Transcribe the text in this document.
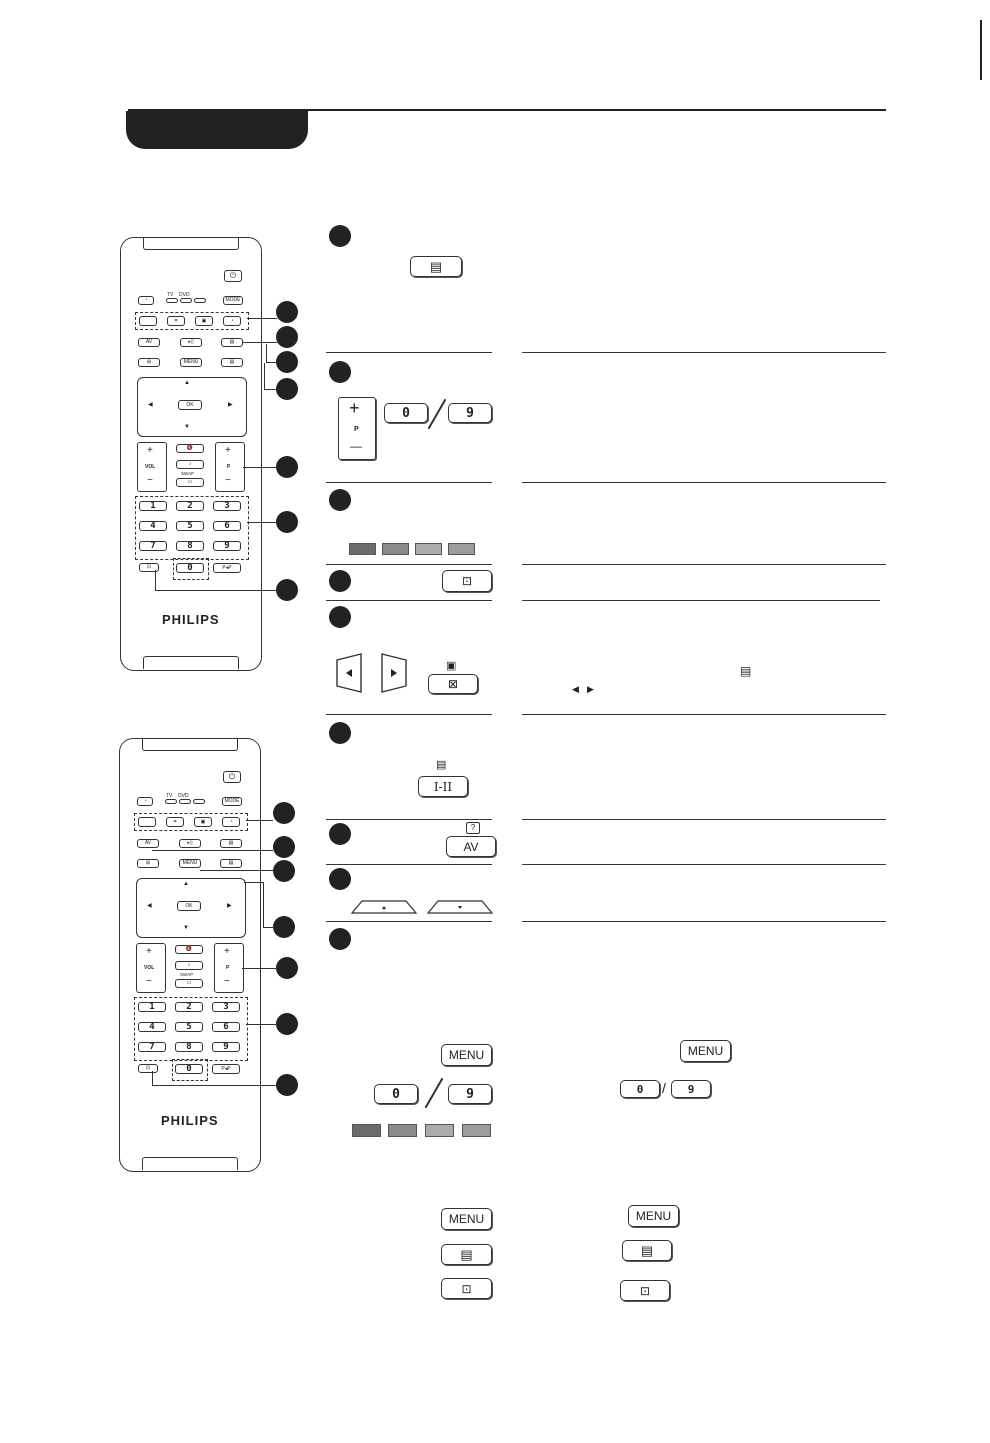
⏻
TV DVD
◔	MODE
⌗	▣	◔
AV	▸▯	▤
⊞	MENU	▤
▲
▼
◀	▶
OK
🔇
+
VOL
−
♪
SWAP
▭
+
P
−
1	2	3
4	5	6
7	8	9
⊡	0	P◂P
PHILIPS
⏻
TV DVD
◔	MODE
⌗	▣	◔
AV	▸▯	▤
⊞	MENU	▤
▲
▼
◀	▶
OK
🔇
+
VOL
−
♪
SWAP
▭
+
P
−
1	2	3
4	5	6
7	8	9
⊡	0	P◂P
PHILIPS
▤
+
P
—
0	9
⊡
▣
⊠
▤
◀ ▶
▤
I-II
?
AV
MENU
0	9
MENU
0 / 9
MENU
▤
⊡
MENU
▤
⊡
